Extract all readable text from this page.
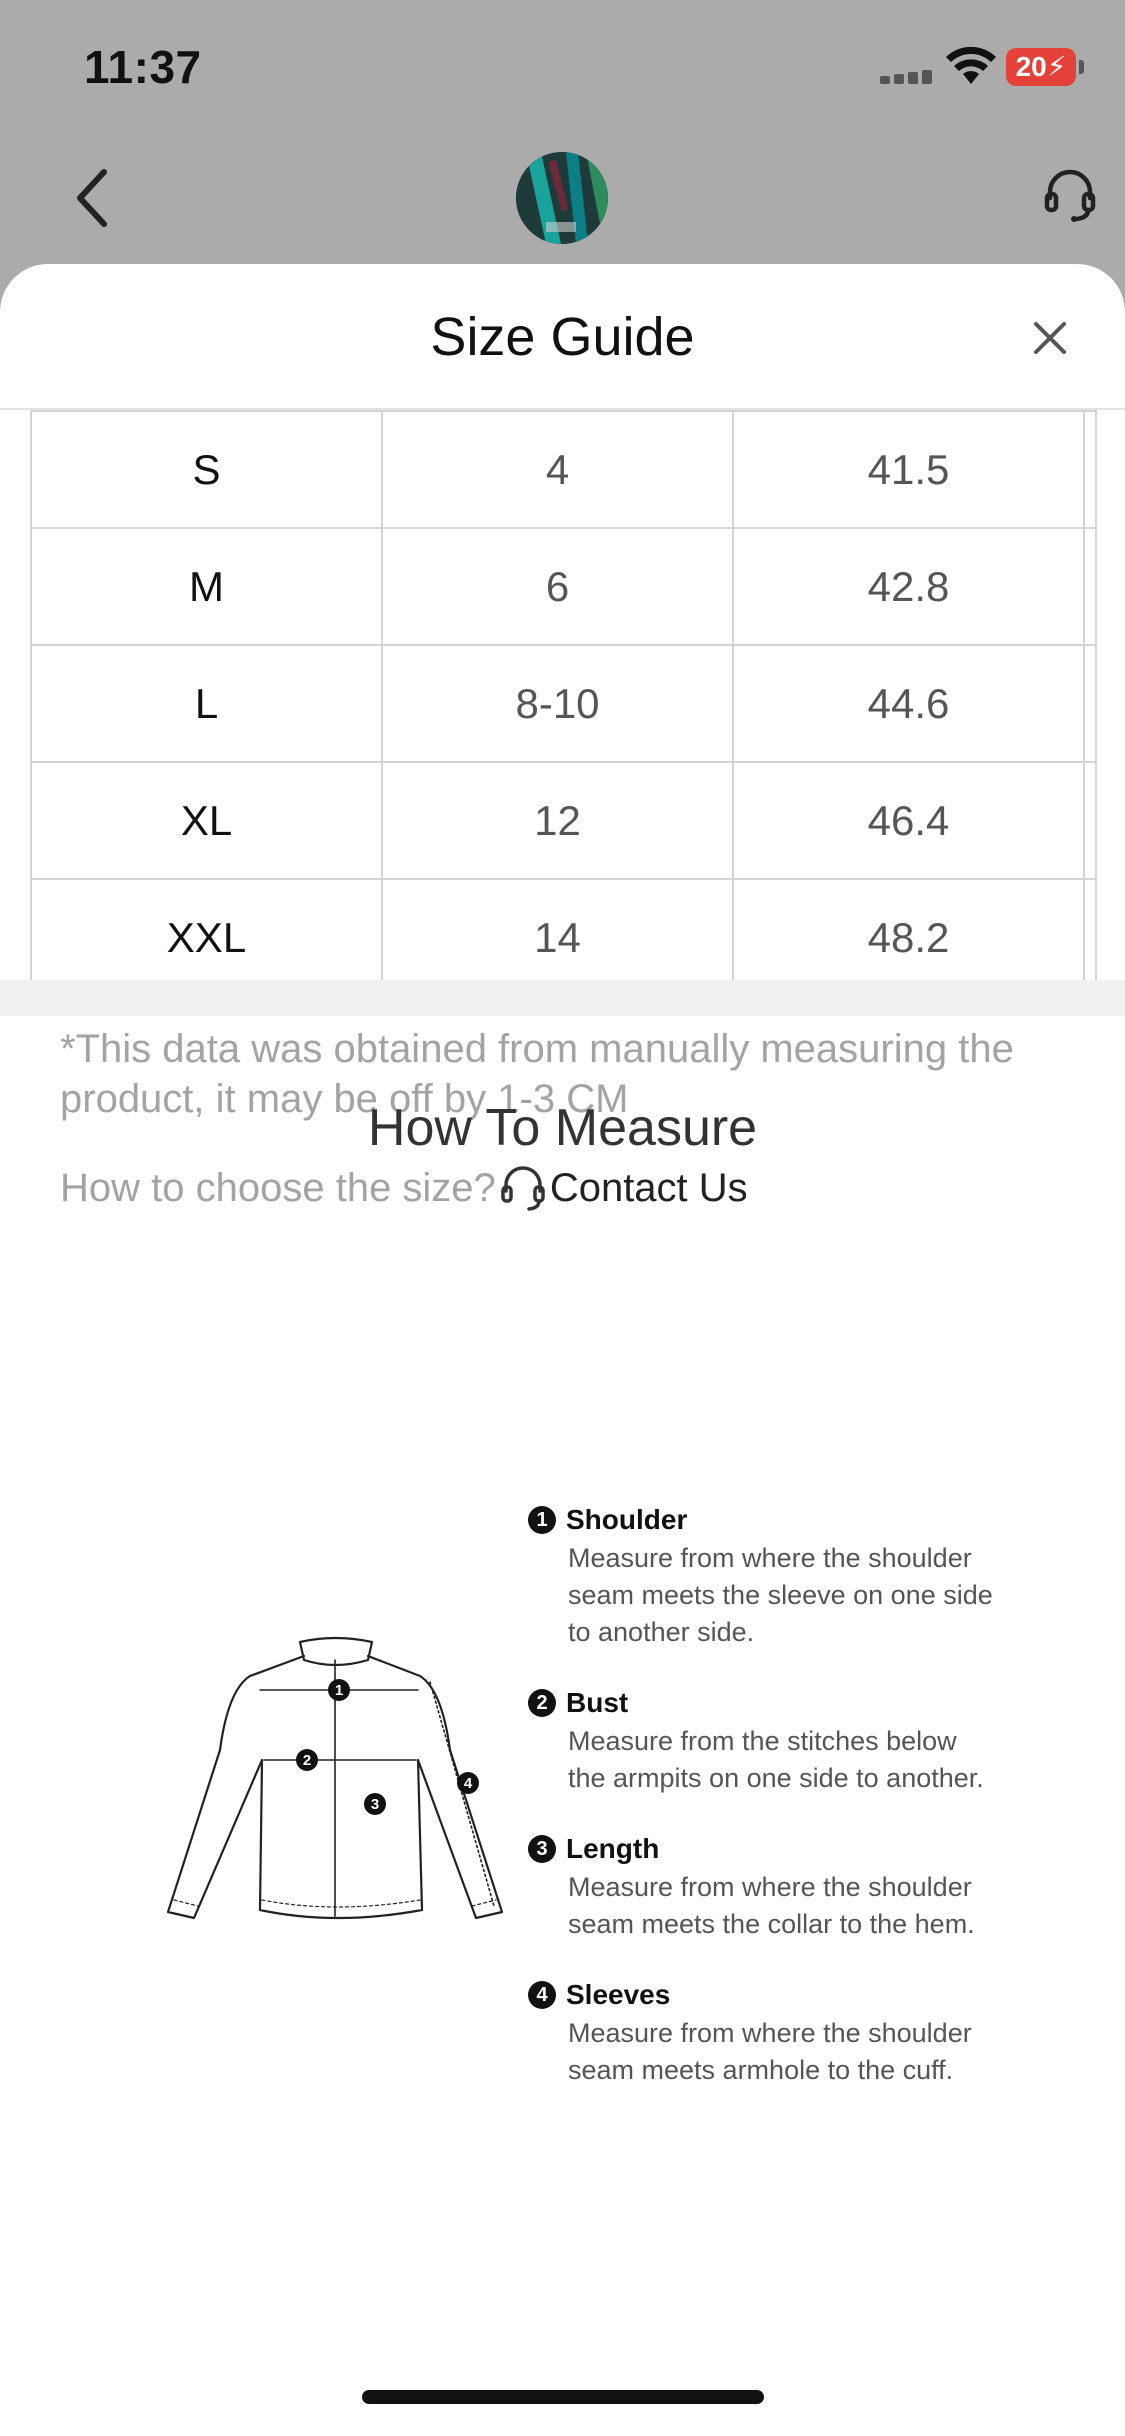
11:37	20⚡
Size Guide
S	4	41.5	
M	6	42.8	
L	8-10	44.6	
XL	12	46.4	
XXL	14	48.2	
*This data was obtained from manually measuring the product, it may be off by 1-3 CM
How to choose the size? Contact Us
How To Measure
1
2
3
4
1 Shoulder
Measure from where the shoulder seam meets the sleeve on one side to another side.
2 Bust
Measure from the stitches below the armpits on one side to another.
3 Length
Measure from where the shoulder seam meets the collar to the hem.
4 Sleeves
Measure from where the shoulder seam meets armhole to the cuff.
